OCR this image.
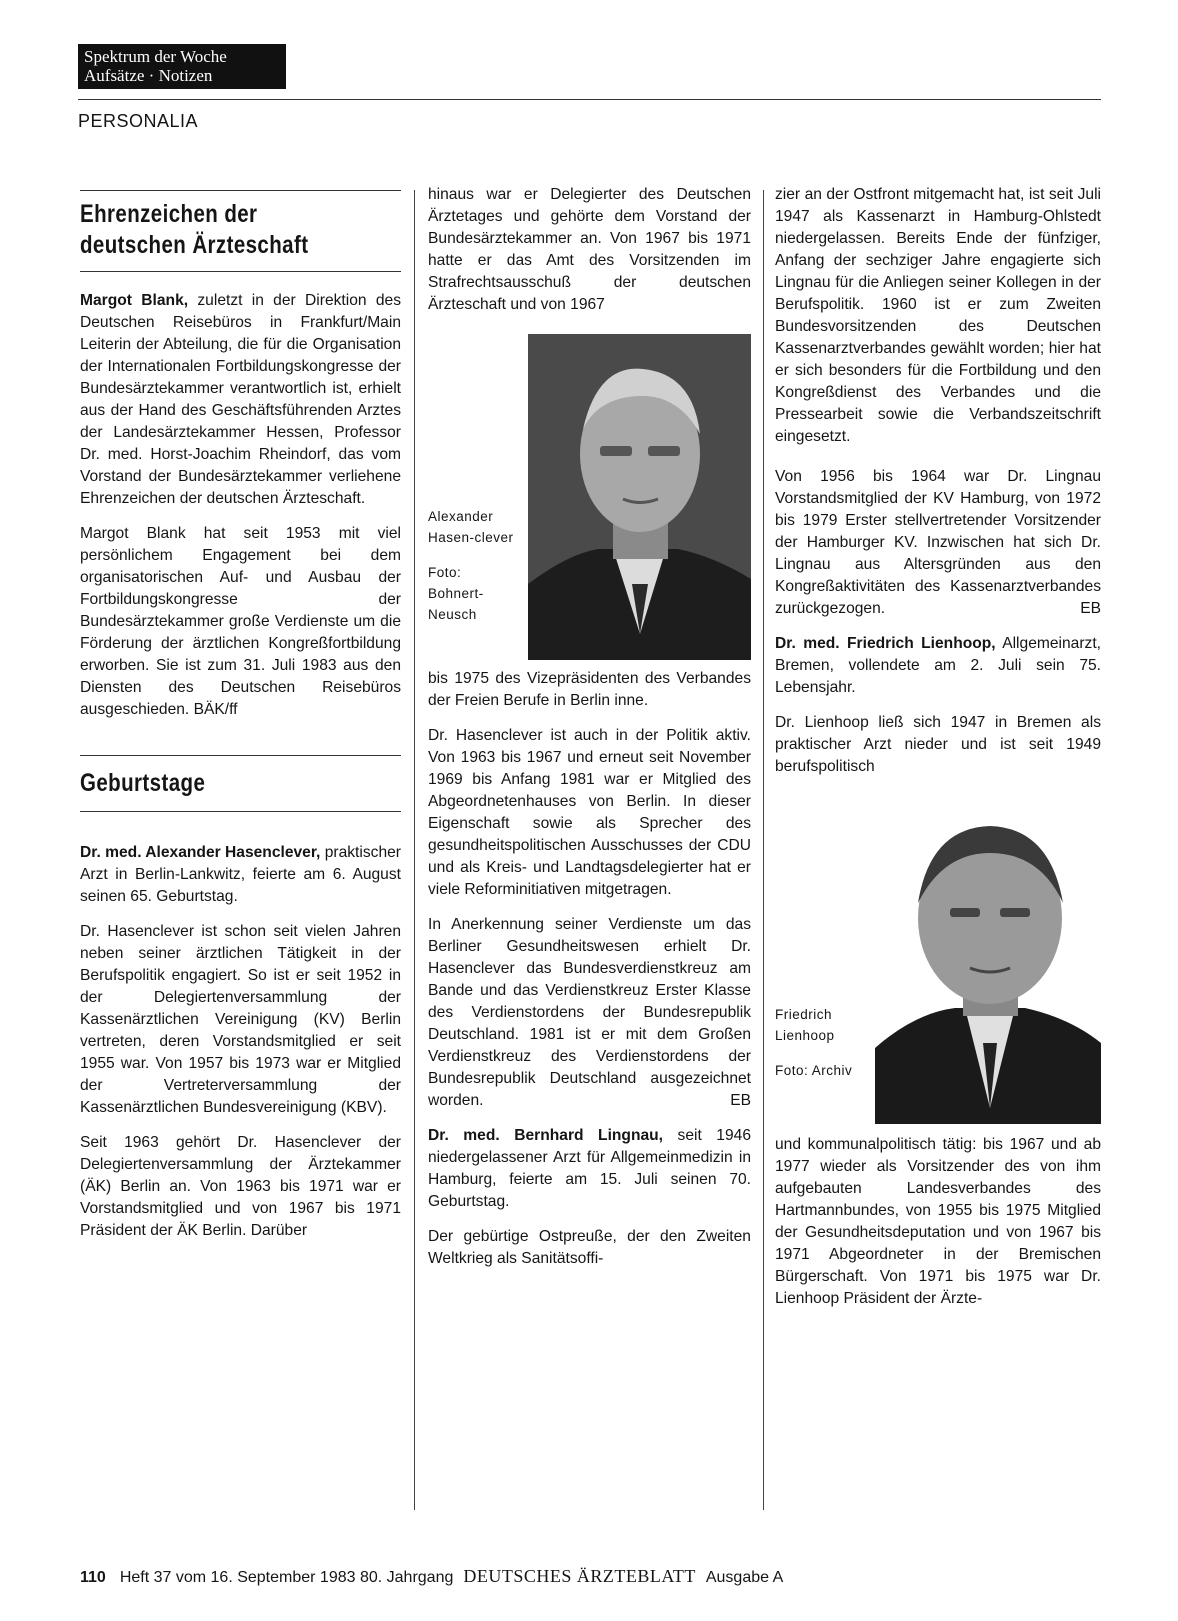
Spektrum der Woche
Aufsätze · Notizen
PERSONALIA
Ehrenzeichen der
deutschen Ärzteschaft

Margot Blank, zuletzt in der Direktion des Deutschen Reisebüros in Frankfurt/Main Leiterin der Abteilung, die für die Organisation der Internationalen Fortbildungskongresse der Bundesärztekammer verantwortlich ist, erhielt aus der Hand des Geschäftsführenden Arztes der Landesärztekammer Hessen, Professor Dr. med. Horst-Joachim Rheindorf, das vom Vorstand der Bundesärztekammer verliehene Ehrenzeichen der deutschen Ärzteschaft.

Margot Blank hat seit 1953 mit viel persönlichem Engagement bei dem organisatorischen Auf- und Ausbau der Fortbildungskongresse der Bundesärztekammer große Verdienste um die Förderung der ärztlichen Kongreßfortbildung erworben. Sie ist zum 31. Juli 1983 aus den Diensten des Deutschen Reisebüros ausgeschieden. BÄK/ff

Geburtstage

Dr. med. Alexander Hasenclever, praktischer Arzt in Berlin-Lankwitz, feierte am 6. August seinen 65. Geburtstag.

Dr. Hasenclever ist schon seit vielen Jahren neben seiner ärztlichen Tätigkeit in der Berufspolitik engagiert. So ist er seit 1952 in der Delegiertenversammlung der Kassenärztlichen Vereinigung (KV) Berlin vertreten, deren Vorstandsmitglied er seit 1955 war. Von 1957 bis 1973 war er Mitglied der Vertreterversammlung der Kassenärztlichen Bundesvereinigung (KBV).

Seit 1963 gehört Dr. Hasenclever der Delegiertenversammlung der Ärztekammer (ÄK) Berlin an. Von 1963 bis 1971 war er Vorstandsmitglied und von 1967 bis 1971 Präsident der ÄK Berlin. Darüber

hinaus war er Delegierter des Deutschen Ärztetages und gehörte dem Vorstand der Bundesärztekammer an. Von 1967 bis 1971 hatte er das Amt des Vorsitzenden im Strafrechtsausschuß der deutschen Ärzteschaft und von 1967

Alexander Hasen-clever
Foto: Bohnert-Neusch

bis 1975 des Vizepräsidenten des Verbandes der Freien Berufe in Berlin inne.

Dr. Hasenclever ist auch in der Politik aktiv. Von 1963 bis 1967 und erneut seit November 1969 bis Anfang 1981 war er Mitglied des Abgeordnetenhauses von Berlin. In dieser Eigenschaft sowie als Sprecher des gesundheitspolitischen Ausschusses der CDU und als Kreis- und Landtagsdelegierter hat er viele Reforminitiativen mitgetragen.

In Anerkennung seiner Verdienste um das Berliner Gesundheitswesen erhielt Dr. Hasenclever das Bundesverdienstkreuz am Bande und das Verdienstkreuz Erster Klasse des Verdienstordens der Bundesrepublik Deutschland. 1981 ist er mit dem Großen Verdienstkreuz des Verdienstordens der Bundesrepublik Deutschland ausgezeichnet worden.	EB

Dr. med. Bernhard Lingnau, seit 1946 niedergelassener Arzt für Allgemeinmedizin in Hamburg, feierte am 15. Juli seinen 70. Geburtstag.

Der gebürtige Ostpreuße, der den Zweiten Weltkrieg als Sanitätsoffi-

zier an der Ostfront mitgemacht hat, ist seit Juli 1947 als Kassenarzt in Hamburg-Ohlstedt niedergelassen. Bereits Ende der fünfziger, Anfang der sechziger Jahre engagierte sich Lingnau für die Anliegen seiner Kollegen in der Berufspolitik. 1960 ist er zum Zweiten Bundesvorsitzenden des Deutschen Kassenarztverbandes gewählt worden; hier hat er sich besonders für die Fortbildung und den Kongreßdienst des Verbandes und die Pressearbeit sowie die Verbandszeitschrift eingesetzt.

Von 1956 bis 1964 war Dr. Lingnau Vorstandsmitglied der KV Hamburg, von 1972 bis 1979 Erster stellvertretender Vorsitzender der Hamburger KV. Inzwischen hat sich Dr. Lingnau aus Altersgründen aus den Kongreßaktivitäten des Kassenarztverbandes zurückgezogen.	EB

Dr. med. Friedrich Lienhoop, Allgemeinarzt, Bremen, vollendete am 2. Juli sein 75. Lebensjahr.

Dr. Lienhoop ließ sich 1947 in Bremen als praktischer Arzt nieder und ist seit 1949 berufspolitisch

Friedrich Lienhoop
Foto: Archiv

und kommunalpolitisch tätig: bis 1967 und ab 1977 wieder als Vorsitzender des von ihm aufgebauten Landesverbandes des Hartmannbundes, von 1955 bis 1975 Mitglied der Gesundheitsdeputation und von 1967 bis 1971 Abgeordneter in der Bremischen Bürgerschaft. Von 1971 bis 1975 war Dr. Lienhoop Präsident der Ärzte-

110 Heft 37 vom 16. September 1983 80. Jahrgang DEUTSCHES ÄRZTEBLATT Ausgabe A
